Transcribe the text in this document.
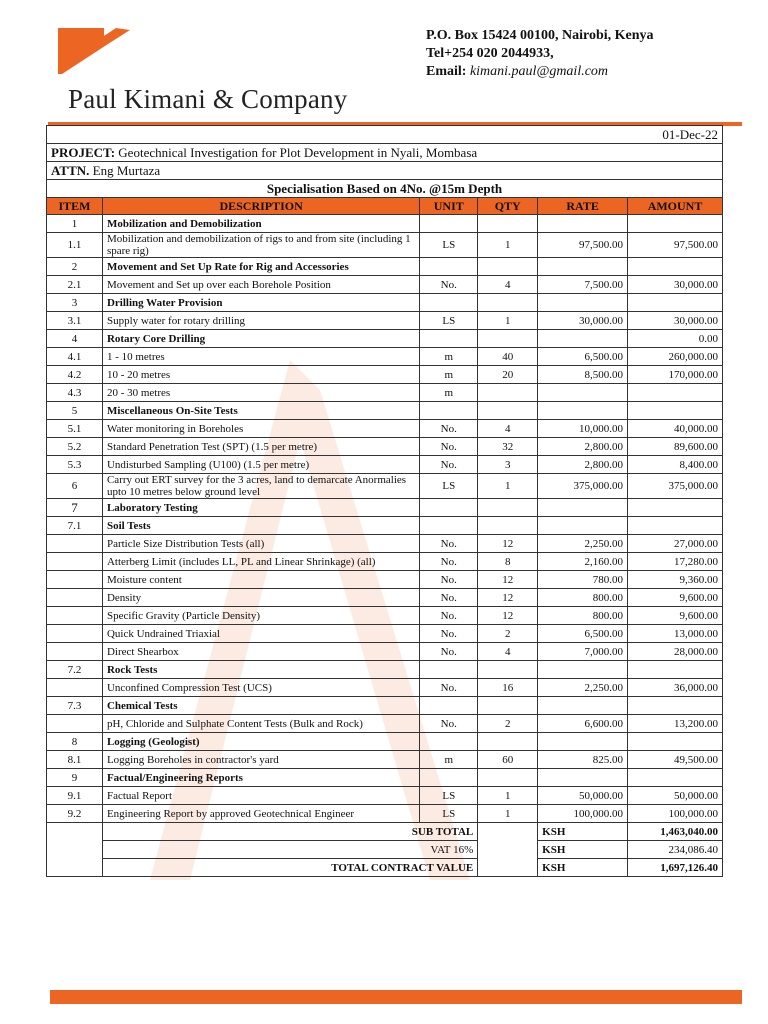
Paul Kimani & Company
P.O. Box 15424 00100, Nairobi, Kenya
Tel+254 020 2044933,
Email: kimani.paul@gmail.com
01-Dec-22					
PROJECT: Geotechnical Investigation for Plot Development in Nyali, Mombasa					
ATTN. Eng Murtaza					
Specialisation Based on 4No. @15m Depth					
ITEM	DESCRIPTION	UNIT	QTY	RATE	AMOUNT
1	Mobilization and Demobilization				
1.1	Mobilization and demobilization of rigs to and from site (including 1 spare rig)	LS	1	97,500.00	97,500.00
2	Movement and Set Up Rate for Rig and Accessories				
2.1	Movement and Set up over each Borehole Position	No.	4	7,500.00	30,000.00
3	Drilling Water Provision				
3.1	Supply water for rotary drilling	LS	1	30,000.00	30,000.00
4	Rotary Core Drilling				0.00
4.1	1 - 10 metres	m	40	6,500.00	260,000.00
4.2	10 - 20 metres	m	20	8,500.00	170,000.00
4.3	20 - 30 metres	m			
5	Miscellaneous On-Site Tests				
5.1	Water monitoring in Boreholes	No.	4	10,000.00	40,000.00
5.2	Standard Penetration Test (SPT) (1.5 per metre)	No.	32	2,800.00	89,600.00
5.3	Undisturbed Sampling (U100) (1.5 per metre)	No.	3	2,800.00	8,400.00
6	Carry out ERT survey for the 3 acres, land to demarcate Anormalies upto 10 metres below ground level	LS	1	375,000.00	375,000.00
7	Laboratory Testing				
7.1	Soil Tests				
	Particle Size Distribution Tests (all)	No.	12	2,250.00	27,000.00
	Atterberg Limit (includes LL, PL and Linear Shrinkage) (all)	No.	8	2,160.00	17,280.00
	Moisture content	No.	12	780.00	9,360.00
	Density	No.	12	800.00	9,600.00
	Specific Gravity (Particle Density)	No.	12	800.00	9,600.00
	Quick Undrained Triaxial	No.	2	6,500.00	13,000.00
	Direct Shearbox	No.	4	7,000.00	28,000.00
7.2	Rock Tests				
	Unconfined Compression Test (UCS)	No.	16	2,250.00	36,000.00
7.3	Chemical Tests				
	pH, Chloride and Sulphate Content Tests (Bulk and Rock)	No.	2	6,600.00	13,200.00
8	Logging (Geologist)				
8.1	Logging Boreholes in contractor's yard	m	60	825.00	49,500.00
9	Factual/Engineering Reports				
9.1	Factual Report	LS	1	50,000.00	50,000.00
9.2	Engineering Report by approved Geotechnical Engineer	LS	1	100,000.00	100,000.00
	SUB TOTAL			KSH	1,463,040.00
	VAT 16%			KSH	234,086.40
	TOTAL CONTRACT VALUE			KSH	1,697,126.40
